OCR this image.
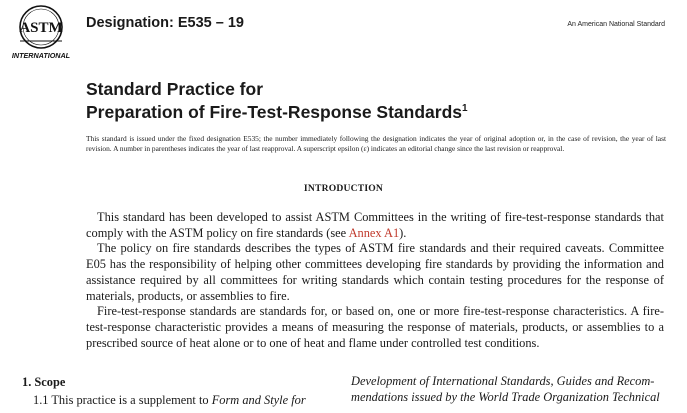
ASTM
INTERNATIONAL
Designation: E535 – 19	An American National Standard
Standard Practice for
Preparation of Fire-Test-Response Standards$^1$
This standard is issued under the fixed designation E535; the number immediately following the designation indicates the year of original adoption or, in the case of revision, the year of last revision. A number in parentheses indicates the year of last reapproval. A superscript epsilon (ε) indicates an editorial change since the last revision or reapproval.
INTRODUCTION

This standard has been developed to assist ASTM Committees in the writing of fire-test-response standards that comply with the ASTM policy on fire standards (see Annex A1).

The policy on fire standards describes the types of ASTM fire standards and their required caveats. Committee E05 has the responsibility of helping other committees developing fire standards by providing the information and assistance required by all committees for writing standards which contain testing procedures for the response of materials, products, or assemblies to fire.

Fire-test-response standards are standards for, or based on, one or more fire-test-response characteristics. A fire-test-response characteristic provides a means of measuring the response of materials, products, or assemblies to a prescribed source of heat alone or to one of heat and flame under controlled test conditions.

1. Scope
1.1 This practice is a supplement to Form and Style for
Development of International Standards, Guides and Recom-
mendations issued by the World Trade Organization Technical
